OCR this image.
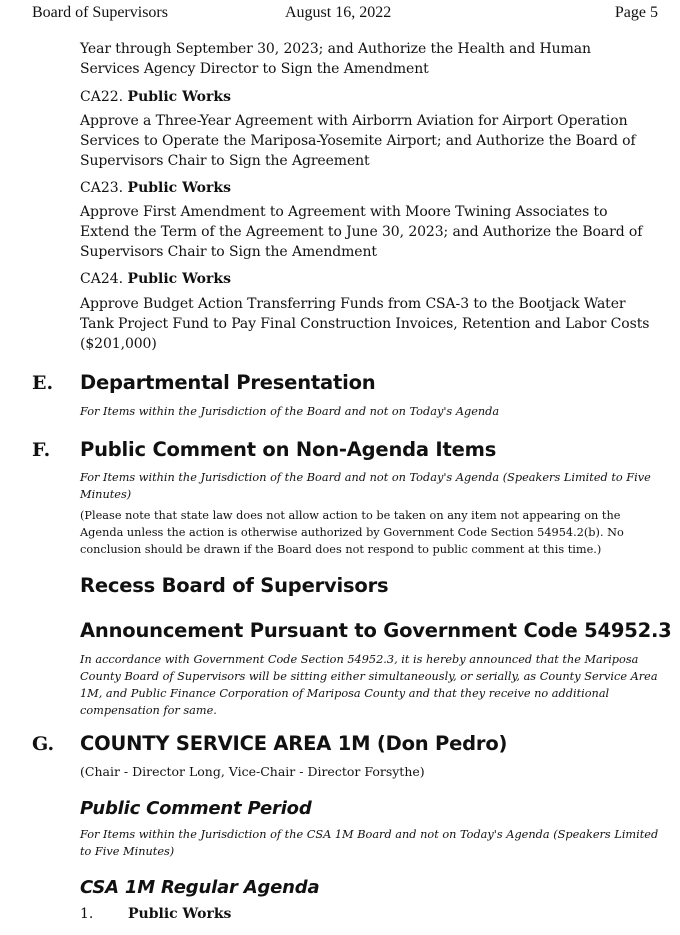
Board of Supervisors	August 16, 2022	Page 5
Year through September 30, 2023; and Authorize the Health and Human Services Agency Director to Sign the Amendment
CA22. Public Works
Approve a Three-Year Agreement with Airborrn Aviation for Airport Operation Services to Operate the Mariposa-Yosemite Airport; and Authorize the Board of Supervisors Chair to Sign the Agreement
CA23. Public Works
Approve First Amendment to Agreement with Moore Twining Associates to Extend the Term of the Agreement to June 30, 2023; and Authorize the Board of Supervisors Chair to Sign the Amendment
CA24. Public Works
Approve Budget Action Transferring Funds from CSA-3 to the Bootjack Water Tank Project Fund to Pay Final Construction Invoices, Retention and Labor Costs ($201,000)
E. Departmental Presentation
For Items within the Jurisdiction of the Board and not on Today's Agenda
F. Public Comment on Non-Agenda Items
For Items within the Jurisdiction of the Board and not on Today's Agenda (Speakers Limited to Five Minutes)
(Please note that state law does not allow action to be taken on any item not appearing on the Agenda unless the action is otherwise authorized by Government Code Section 54954.2(b). No conclusion should be drawn if the Board does not respond to public comment at this time.)
Recess Board of Supervisors
Announcement Pursuant to Government Code 54952.3
In accordance with Government Code Section 54952.3, it is hereby announced that the Mariposa County Board of Supervisors will be sitting either simultaneously, or serially, as County Service Area 1M, and Public Finance Corporation of Mariposa County and that they receive no additional compensation for same.
G. COUNTY SERVICE AREA 1M (Don Pedro)
(Chair - Director Long, Vice-Chair - Director Forsythe)
Public Comment Period
For Items within the Jurisdiction of the CSA 1M Board and not on Today's Agenda (Speakers Limited to Five Minutes)
CSA 1M Regular Agenda
1. Public Works
